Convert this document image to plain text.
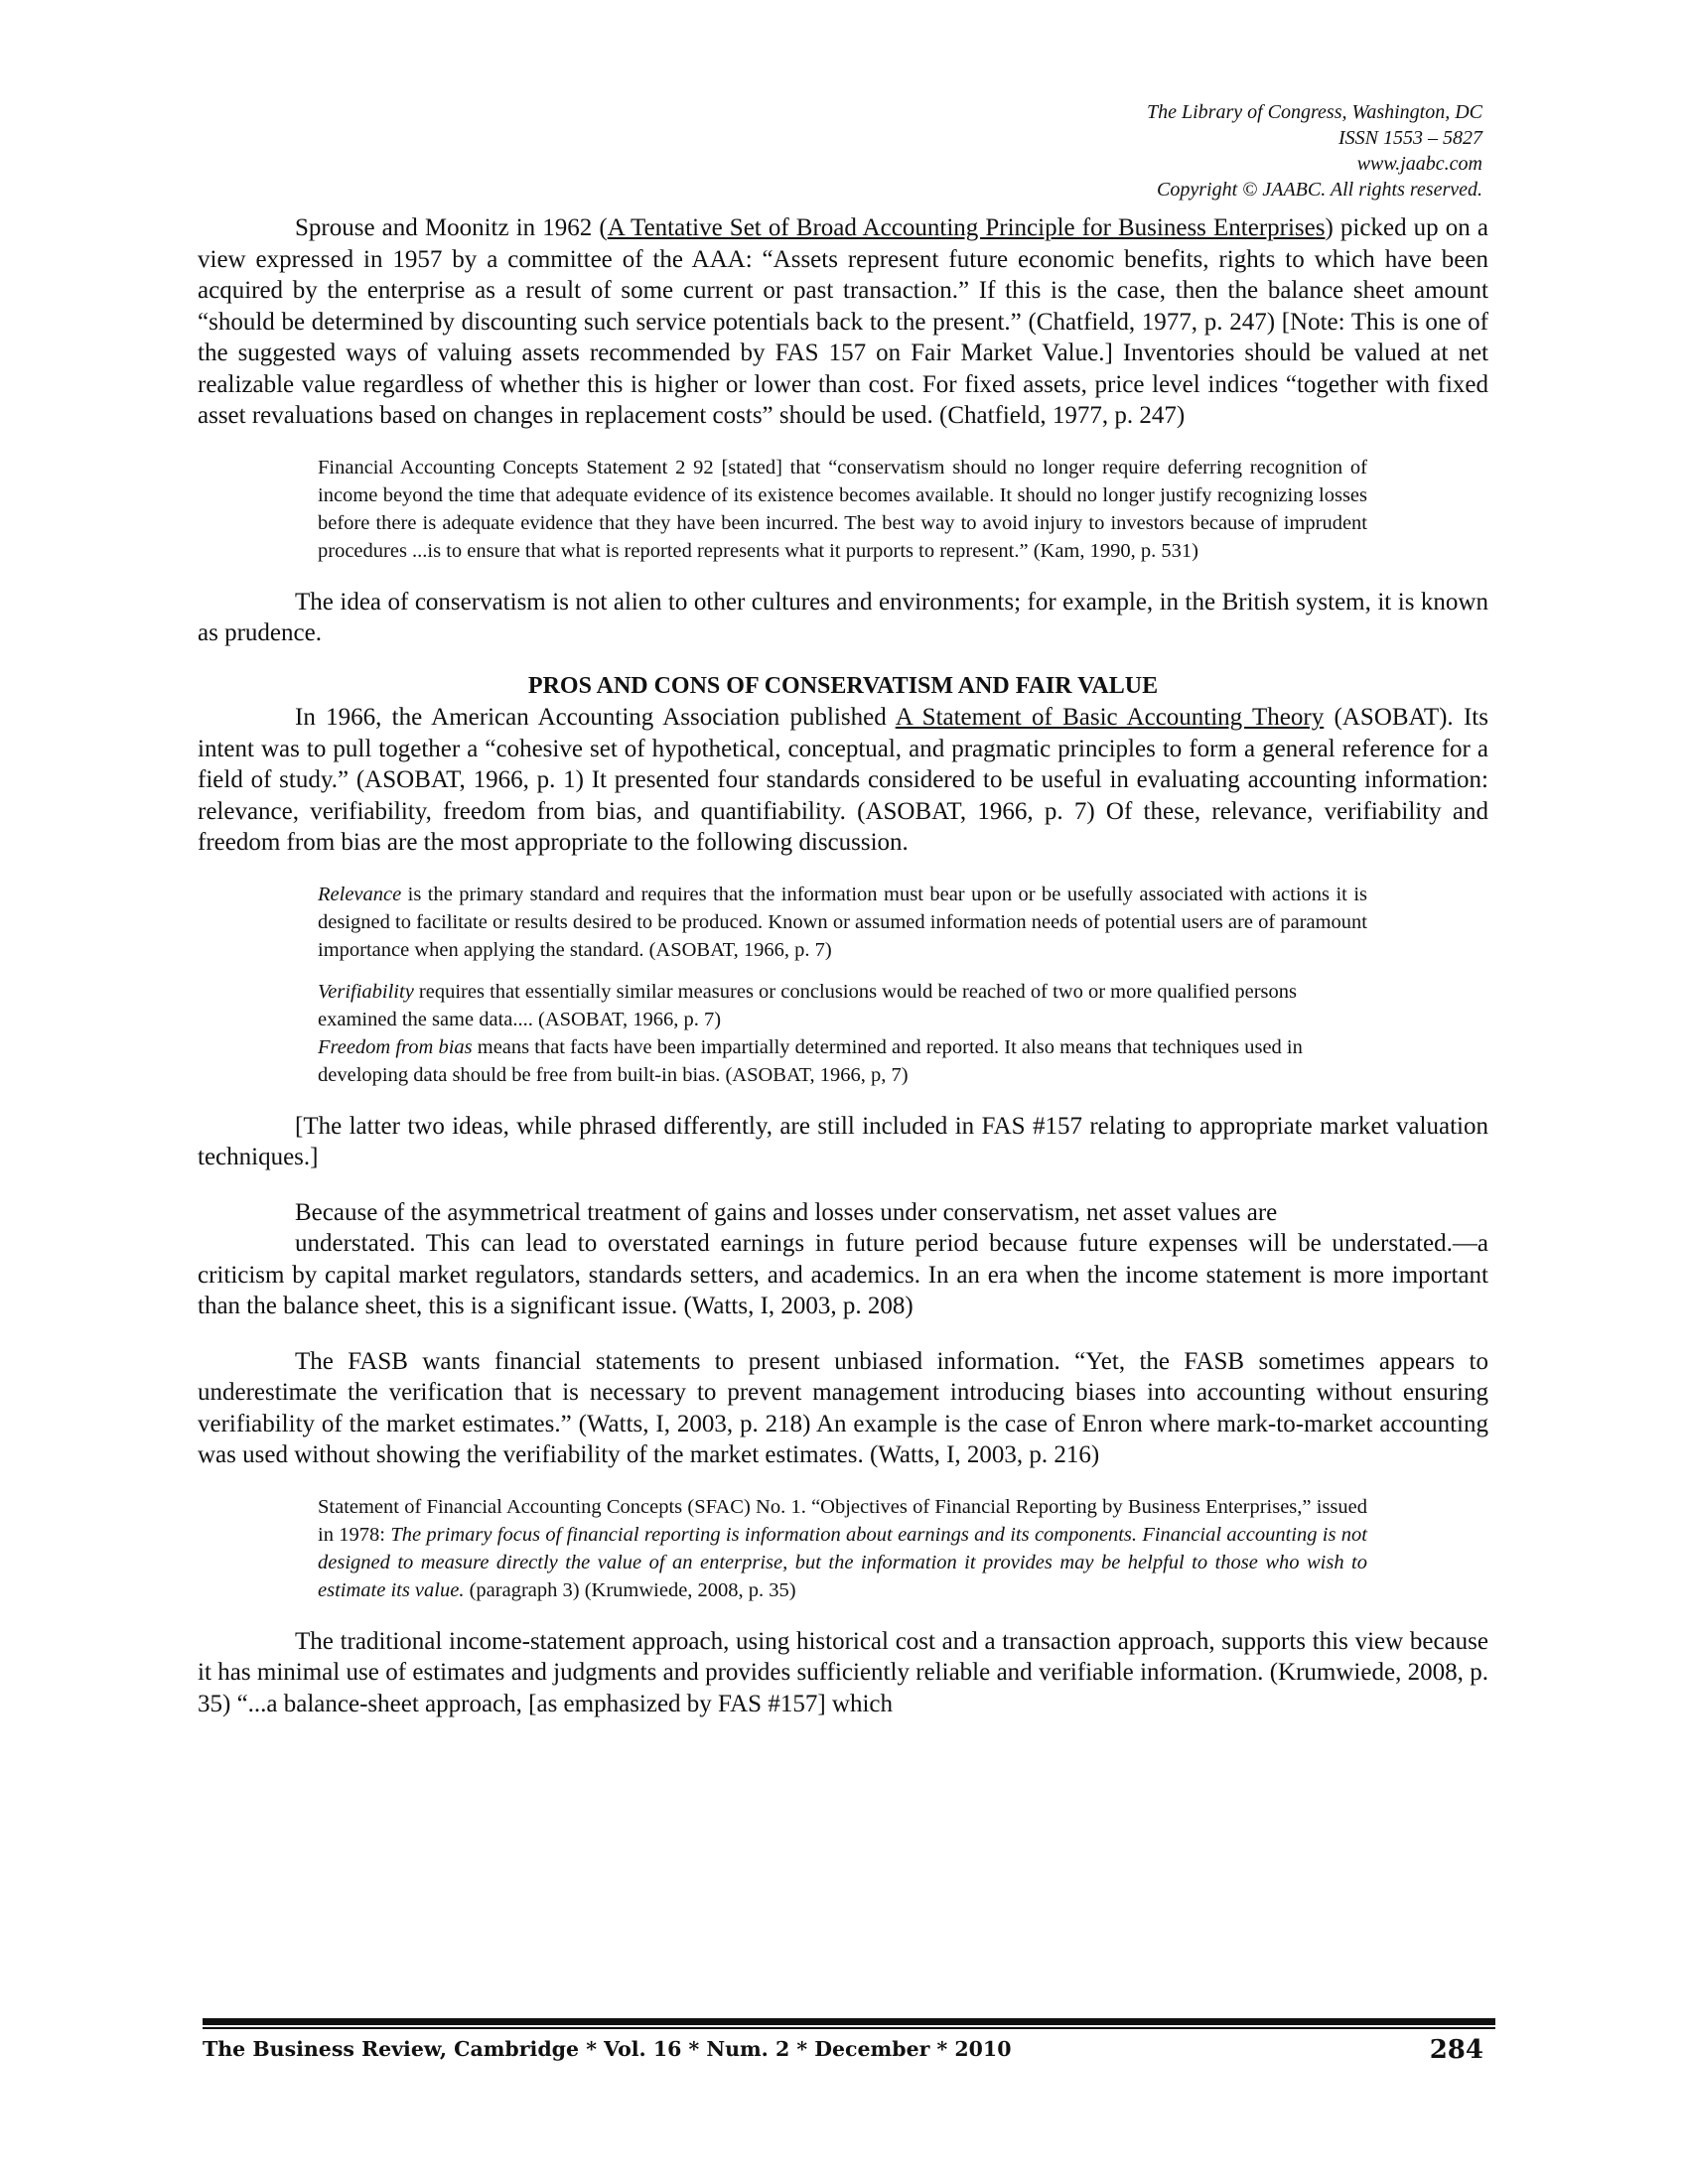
The Library of Congress, Washington, DC
ISSN 1553 – 5827
www.jaabc.com
Copyright © JAABC. All rights reserved.

Sprouse and Moonitz in 1962 (A Tentative Set of Broad Accounting Principle for Business Enterprises) picked up on a view expressed in 1957 by a committee of the AAA: “Assets represent future economic benefits, rights to which have been acquired by the enterprise as a result of some current or past transaction.” If this is the case, then the balance sheet amount “should be determined by discounting such service potentials back to the present.” (Chatfield, 1977, p. 247) [Note: This is one of the suggested ways of valuing assets recommended by FAS 157 on Fair Market Value.] Inventories should be valued at net realizable value regardless of whether this is higher or lower than cost. For fixed assets, price level indices “together with fixed asset revaluations based on changes in replacement costs” should be used. (Chatfield, 1977, p. 247)

Financial Accounting Concepts Statement 2 92 [stated] that “conservatism should no longer require deferring recognition of income beyond the time that adequate evidence of its existence becomes available. It should no longer justify recognizing losses before there is adequate evidence that they have been incurred. The best way to avoid injury to investors because of imprudent procedures ...is to ensure that what is reported represents what it purports to represent.” (Kam, 1990, p. 531)

The idea of conservatism is not alien to other cultures and environments; for example, in the British system, it is known as prudence.

PROS AND CONS OF CONSERVATISM AND FAIR VALUE

In 1966, the American Accounting Association published A Statement of Basic Accounting Theory (ASOBAT). Its intent was to pull together a “cohesive set of hypothetical, conceptual, and pragmatic principles to form a general reference for a field of study.” (ASOBAT, 1966, p. 1) It presented four standards considered to be useful in evaluating accounting information: relevance, verifiability, freedom from bias, and quantifiability. (ASOBAT, 1966, p. 7) Of these, relevance, verifiability and freedom from bias are the most appropriate to the following discussion.

Relevance is the primary standard and requires that the information must bear upon or be usefully associated with actions it is designed to facilitate or results desired to be produced. Known or assumed information needs of potential users are of paramount importance when applying the standard. (ASOBAT, 1966, p. 7)

Verifiability requires that essentially similar measures or conclusions would be reached of two or more qualified persons examined the same data.... (ASOBAT, 1966, p. 7)
Freedom from bias means that facts have been impartially determined and reported. It also means that techniques used in developing data should be free from built-in bias. (ASOBAT, 1966, p, 7)

[The latter two ideas, while phrased differently, are still included in FAS #157 relating to appropriate market valuation techniques.]

Because of the asymmetrical treatment of gains and losses under conservatism, net asset values are
understated. This can lead to overstated earnings in future period because future expenses will be understated.—a criticism by capital market regulators, standards setters, and academics. In an era when the income statement is more important than the balance sheet, this is a significant issue. (Watts, I, 2003, p. 208)

The FASB wants financial statements to present unbiased information. “Yet, the FASB sometimes appears to underestimate the verification that is necessary to prevent management introducing biases into accounting without ensuring verifiability of the market estimates.” (Watts, I, 2003, p. 218) An example is the case of Enron where mark-to-market accounting was used without showing the verifiability of the market estimates. (Watts, I, 2003, p. 216)

Statement of Financial Accounting Concepts (SFAC) No. 1. “Objectives of Financial Reporting by Business Enterprises,” issued in 1978: The primary focus of financial reporting is information about earnings and its components. Financial accounting is not designed to measure directly the value of an enterprise, but the information it provides may be helpful to those who wish to estimate its value. (paragraph 3) (Krumwiede, 2008, p. 35)

The traditional income-statement approach, using historical cost and a transaction approach, supports this view because it has minimal use of estimates and judgments and provides sufficiently reliable and verifiable information. (Krumwiede, 2008, p. 35) “...a balance-sheet approach, [as emphasized by FAS #157] which

The Business Review, Cambridge * Vol. 16 * Num. 2 * December * 2010	284
